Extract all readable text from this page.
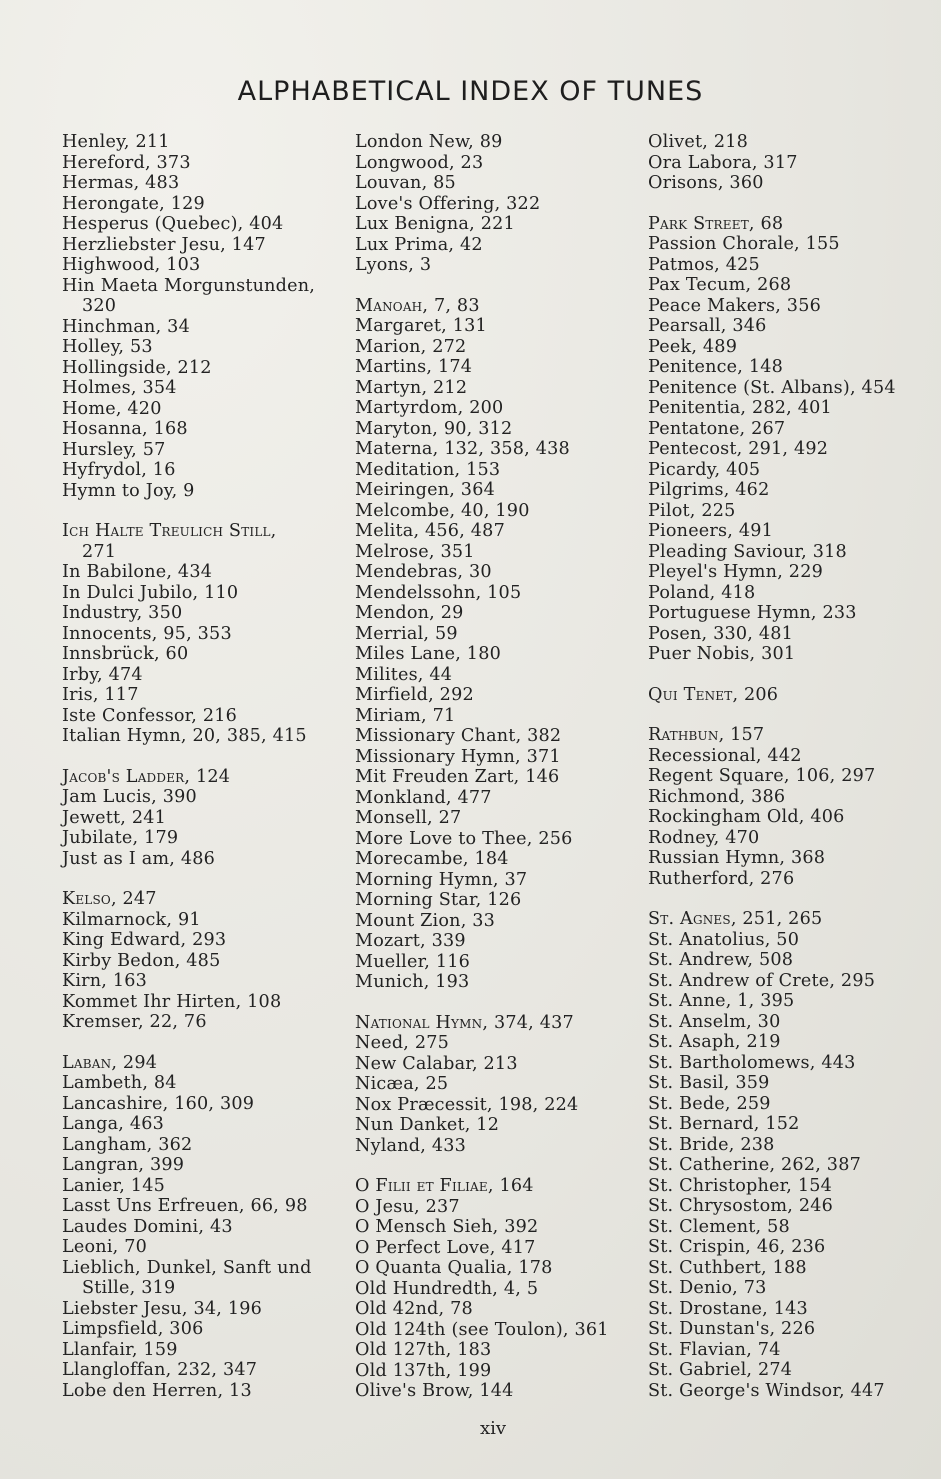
ALPHABETICAL INDEX OF TUNES
Henley, 211
Hereford, 373
Hermas, 483
Herongate, 129
Hesperus (Quebec), 404
Herzliebster Jesu, 147
Highwood, 103
Hin Maeta Morgunstunden,
320
Hinchman, 34
Holley, 53
Hollingside, 212
Holmes, 354
Home, 420
Hosanna, 168
Hursley, 57
Hyfrydol, 16
Hymn to Joy, 9
Ich Halte Treulich Still,
271
In Babilone, 434
In Dulci Jubilo, 110
Industry, 350
Innocents, 95, 353
Innsbrück, 60
Irby, 474
Iris, 117
Iste Confessor, 216
Italian Hymn, 20, 385, 415
Jacob's Ladder, 124
Jam Lucis, 390
Jewett, 241
Jubilate, 179
Just as I am, 486
Kelso, 247
Kilmarnock, 91
King Edward, 293
Kirby Bedon, 485
Kirn, 163
Kommet Ihr Hirten, 108
Kremser, 22, 76
Laban, 294
Lambeth, 84
Lancashire, 160, 309
Langa, 463
Langham, 362
Langran, 399
Lanier, 145
Lasst Uns Erfreuen, 66, 98
Laudes Domini, 43
Leoni, 70
Lieblich, Dunkel, Sanft und
Stille, 319
Liebster Jesu, 34, 196
Limpsfield, 306
Llanfair, 159
Llangloffan, 232, 347
Lobe den Herren, 13
London New, 89
Longwood, 23
Louvan, 85
Love's Offering, 322
Lux Benigna, 221
Lux Prima, 42
Lyons, 3
Manoah, 7, 83
Margaret, 131
Marion, 272
Martins, 174
Martyn, 212
Martyrdom, 200
Maryton, 90, 312
Materna, 132, 358, 438
Meditation, 153
Meiringen, 364
Melcombe, 40, 190
Melita, 456, 487
Melrose, 351
Mendebras, 30
Mendelssohn, 105
Mendon, 29
Merrial, 59
Miles Lane, 180
Milites, 44
Mirfield, 292
Miriam, 71
Missionary Chant, 382
Missionary Hymn, 371
Mit Freuden Zart, 146
Monkland, 477
Monsell, 27
More Love to Thee, 256
Morecambe, 184
Morning Hymn, 37
Morning Star, 126
Mount Zion, 33
Mozart, 339
Mueller, 116
Munich, 193
National Hymn, 374, 437
Need, 275
New Calabar, 213
Nicæa, 25
Nox Præcessit, 198, 224
Nun Danket, 12
Nyland, 433
O Filii et Filiae, 164
O Jesu, 237
O Mensch Sieh, 392
O Perfect Love, 417
O Quanta Qualia, 178
Old Hundredth, 4, 5
Old 42nd, 78
Old 124th (see Toulon), 361
Old 127th, 183
Old 137th, 199
Olive's Brow, 144
Olivet, 218
Ora Labora, 317
Orisons, 360
Park Street, 68
Passion Chorale, 155
Patmos, 425
Pax Tecum, 268
Peace Makers, 356
Pearsall, 346
Peek, 489
Penitence, 148
Penitence (St. Albans), 454
Penitentia, 282, 401
Pentatone, 267
Pentecost, 291, 492
Picardy, 405
Pilgrims, 462
Pilot, 225
Pioneers, 491
Pleading Saviour, 318
Pleyel's Hymn, 229
Poland, 418
Portuguese Hymn, 233
Posen, 330, 481
Puer Nobis, 301
Qui Tenet, 206
Rathbun, 157
Recessional, 442
Regent Square, 106, 297
Richmond, 386
Rockingham Old, 406
Rodney, 470
Russian Hymn, 368
Rutherford, 276
St. Agnes, 251, 265
St. Anatolius, 50
St. Andrew, 508
St. Andrew of Crete, 295
St. Anne, 1, 395
St. Anselm, 30
St. Asaph, 219
St. Bartholomews, 443
St. Basil, 359
St. Bede, 259
St. Bernard, 152
St. Bride, 238
St. Catherine, 262, 387
St. Christopher, 154
St. Chrysostom, 246
St. Clement, 58
St. Crispin, 46, 236
St. Cuthbert, 188
St. Denio, 73
St. Drostane, 143
St. Dunstan's, 226
St. Flavian, 74
St. Gabriel, 274
St. George's Windsor, 447
xiv
